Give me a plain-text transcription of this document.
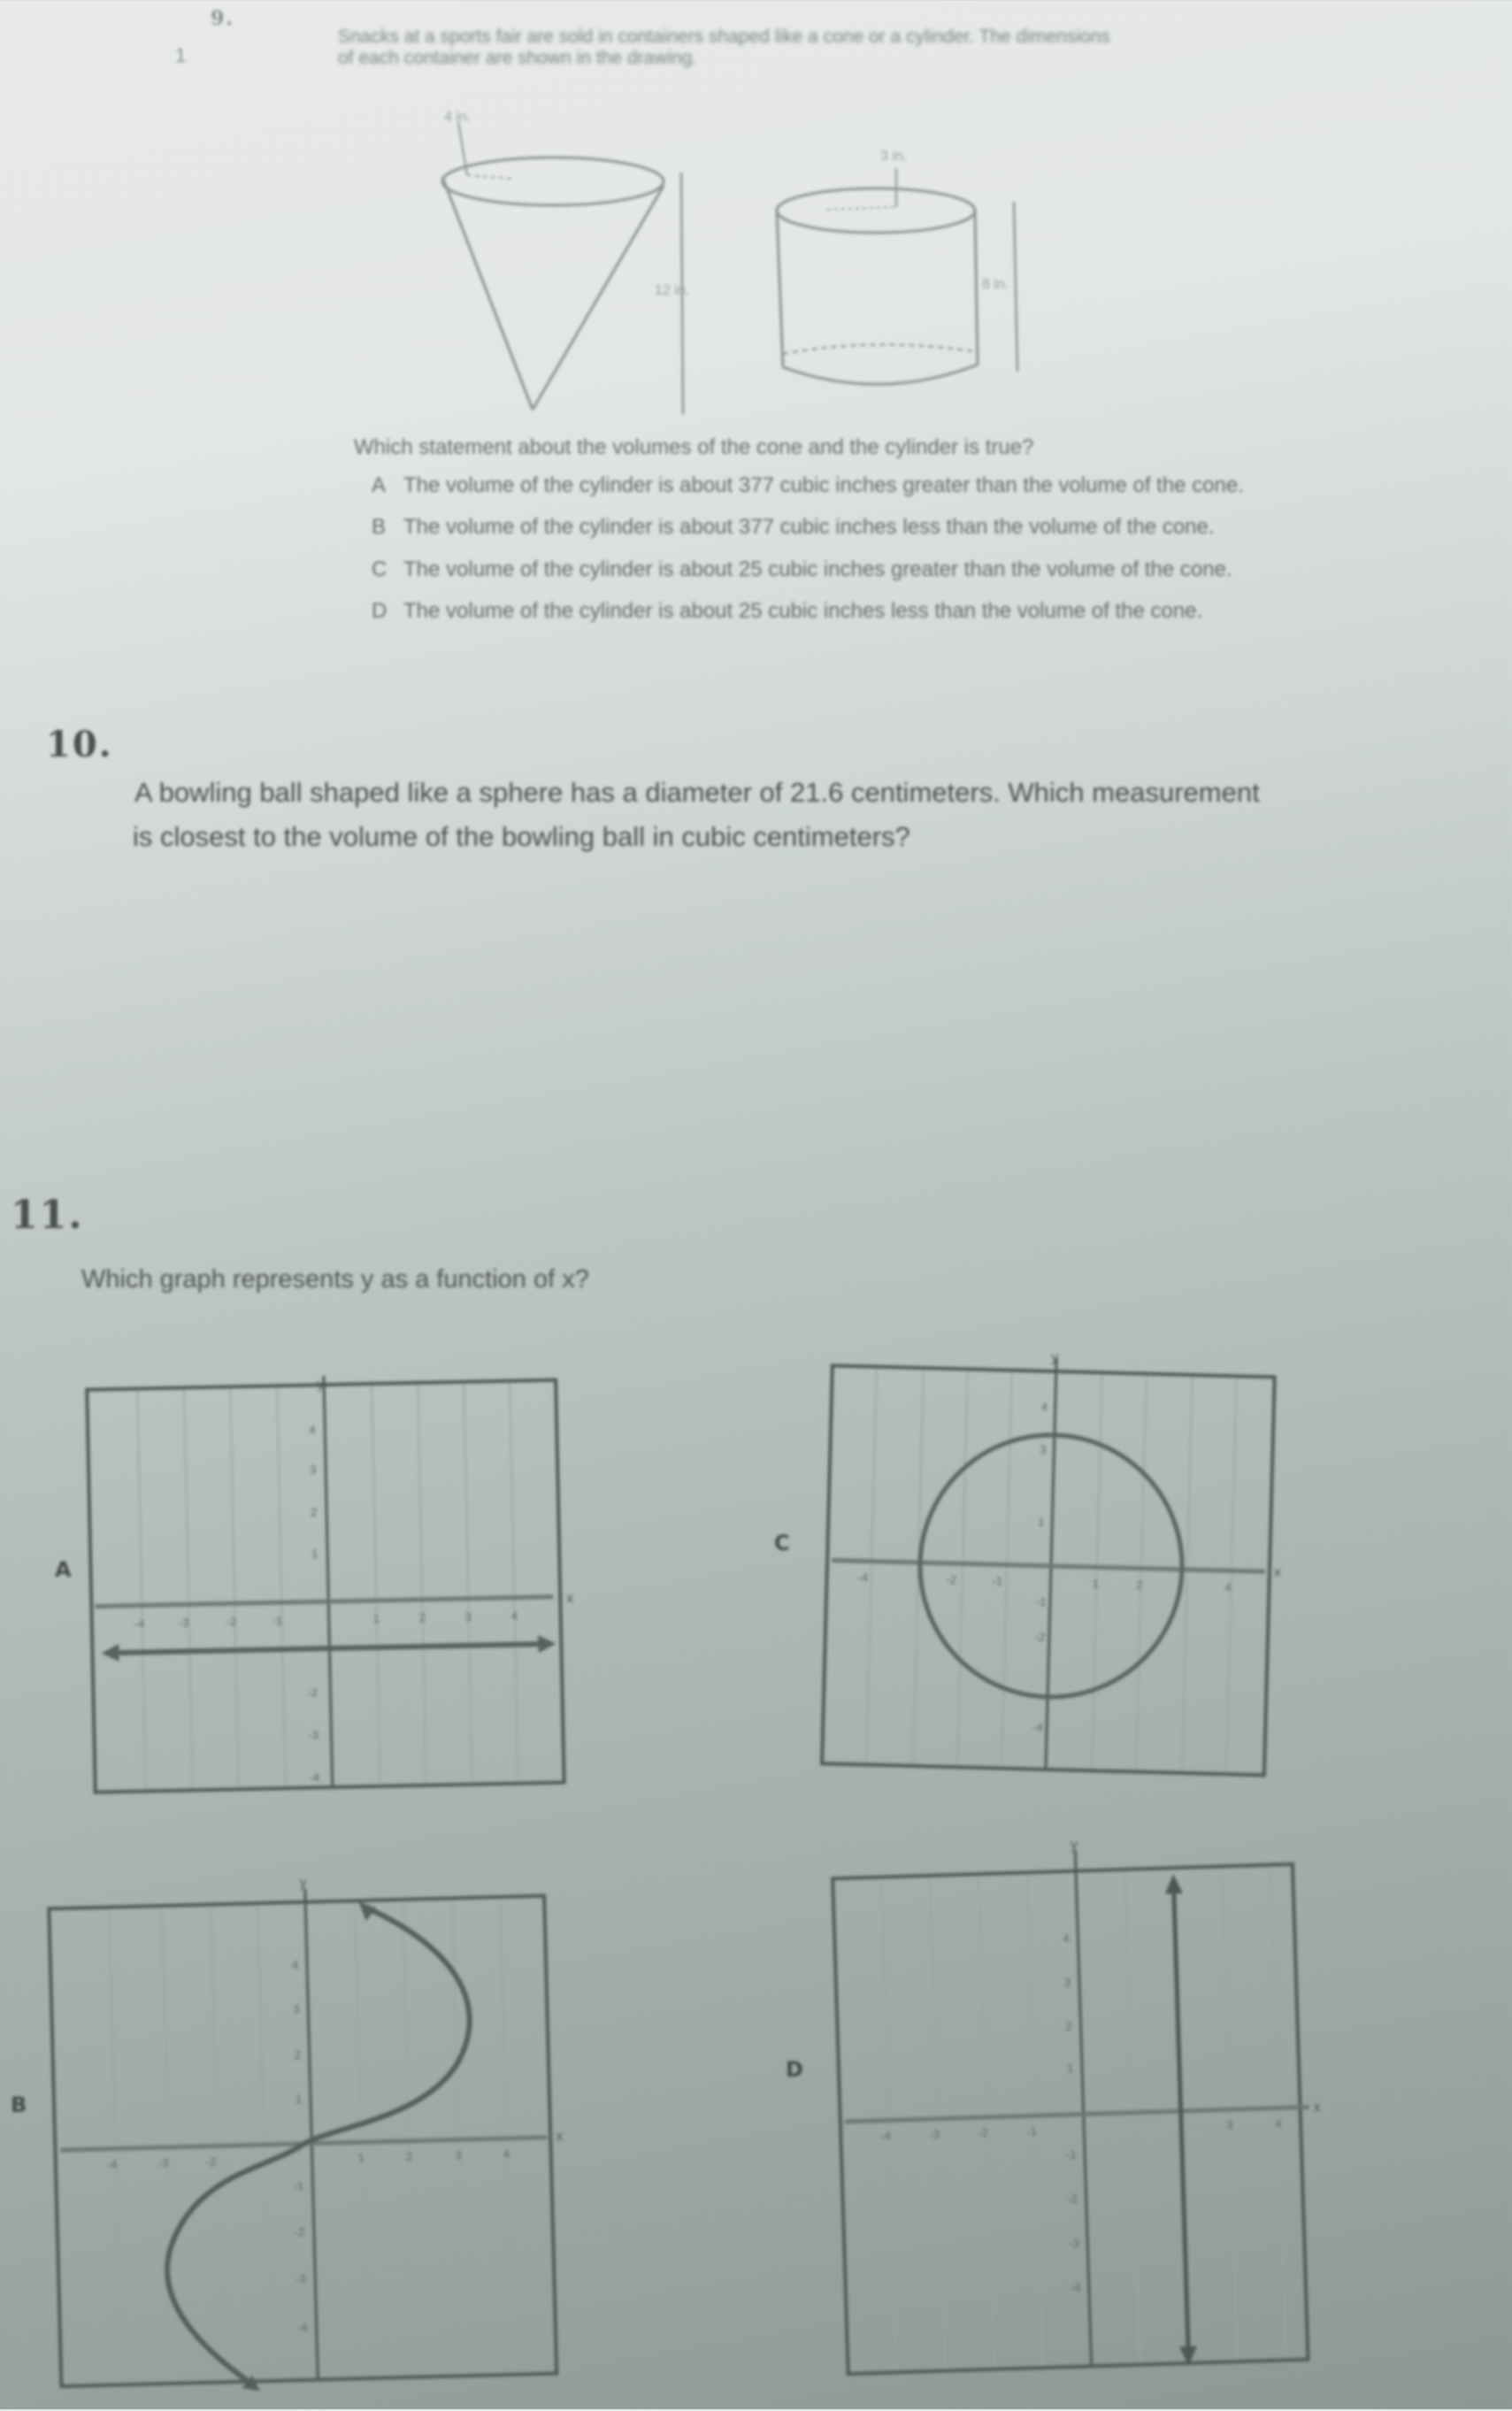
9.
1
Snacks at a sports fair are sold in containers shaped like a cone or a cylinder. The dimensions
of each container are shown in the drawing.
4 in.
12 in.
3 in.
8 in.
Which statement about the volumes of the cone and the cylinder is true?
A The volume of the cylinder is about 377 cubic inches greater than the volume of the cone.
B The volume of the cylinder is about 377 cubic inches less than the volume of the cone.
C The volume of the cylinder is about 25 cubic inches greater than the volume of the cone.
D The volume of the cylinder is about 25 cubic inches less than the volume of the cone.
10.
A bowling ball shaped like a sphere has a diameter of 21.6 centimeters. Which measurement
is closest to the volume of the bowling ball in cubic centimeters?
11.
Which graph represents y as a function of x?
A
y
x
4
3
2
1
-2
-3
-4
-4	-3	-2	-1	1	2	3	4
C
y
x
4
3
1
-1
-2
-4
-4	-2	-1	1	2	4
B
y
x
4
3
2
1
-1
-2
-3
-4
-4	-3	-2	1	2	3	4
D
y
x
4
3
2
1
-1
-2
-3
-4
-4	-3	-2	-1	3	4
